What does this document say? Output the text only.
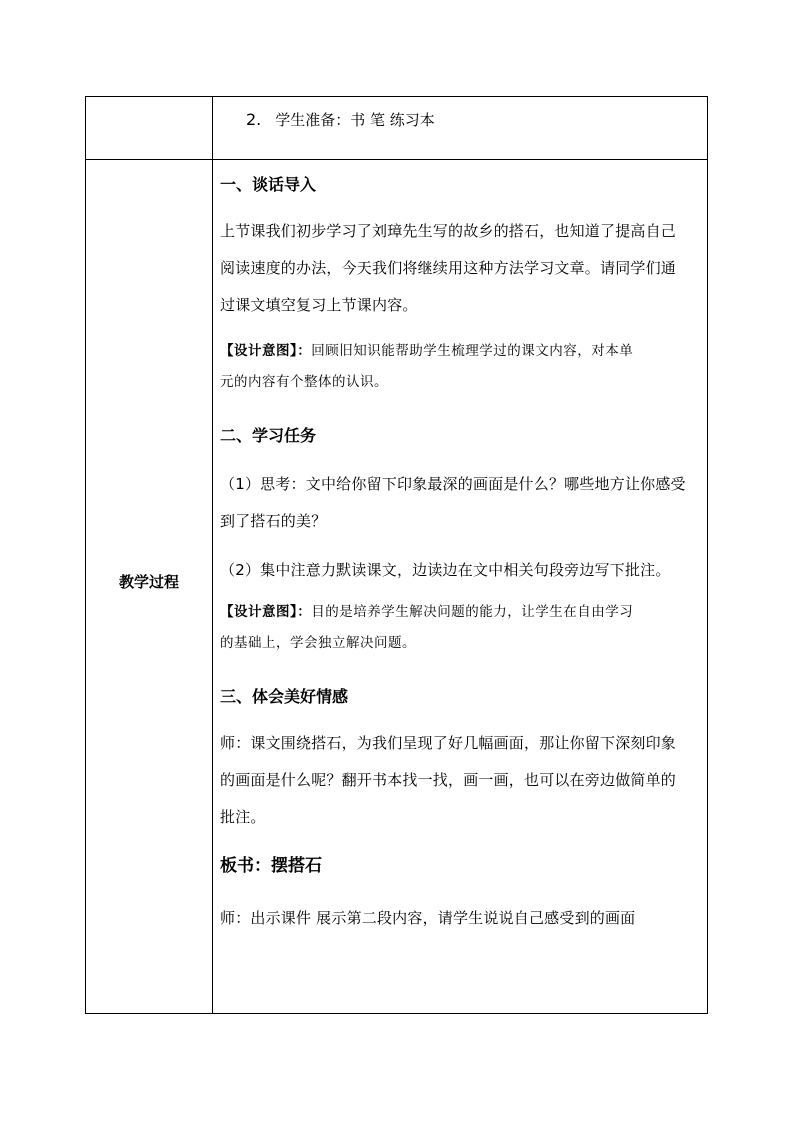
2. 学生准备：书 笔 练习本
教学过程
一、谈话导入
上节课我们初步学习了刘璋先生写的故乡的搭石，也知道了提高自己
阅读速度的办法，今天我们将继续用这种方法学习文章。请同学们通
过课文填空复习上节课内容。
【设计意图】：回顾旧知识能帮助学生梳理学过的课文内容，对本单
元的内容有个整体的认识。
二、学习任务
（1）思考：文中给你留下印象最深的画面是什么？哪些地方让你感受
到了搭石的美？
（2）集中注意力默读课文，边读边在文中相关句段旁边写下批注。
【设计意图】：目的是培养学生解决问题的能力，让学生在自由学习
的基础上，学会独立解决问题。
三、体会美好情感
师：课文围绕搭石，为我们呈现了好几幅画面，那让你留下深刻印象
的画面是什么呢？翻开书本找一找，画一画，也可以在旁边做简单的
批注。
板书：摆搭石
师：出示课件 展示第二段内容，请学生说说自己感受到的画面
